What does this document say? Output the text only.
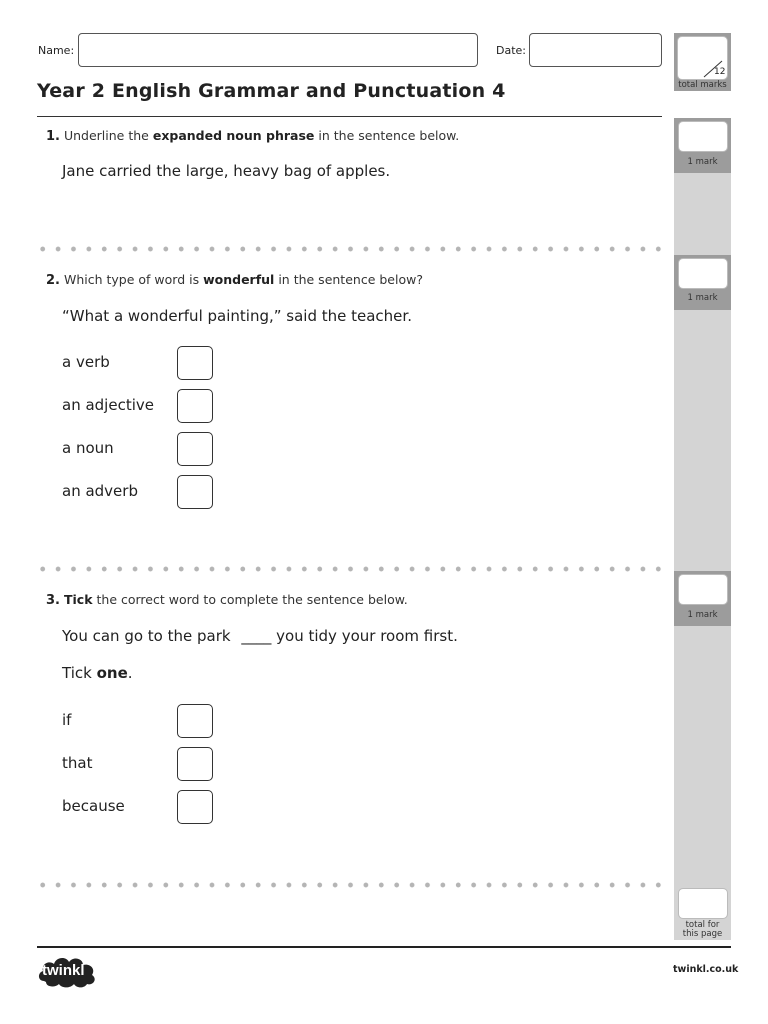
12
total marks
1 mark
1 mark
1 mark
total for
this page
Name:	Date:
Year 2 English Grammar and Punctuation 4
1. Underline the expanded noun phrase in the sentence below.
Jane carried the large, heavy bag of apples.
2. Which type of word is wonderful in the sentence below?
“What a wonderful painting,” said the teacher.
a verb
an adjective
a noun
an adverb
3. Tick the correct word to complete the sentence below.
You can go to the park ____ you tidy your room first.
Tick one.
if
that
because
twinkl	twinkl.co.uk
